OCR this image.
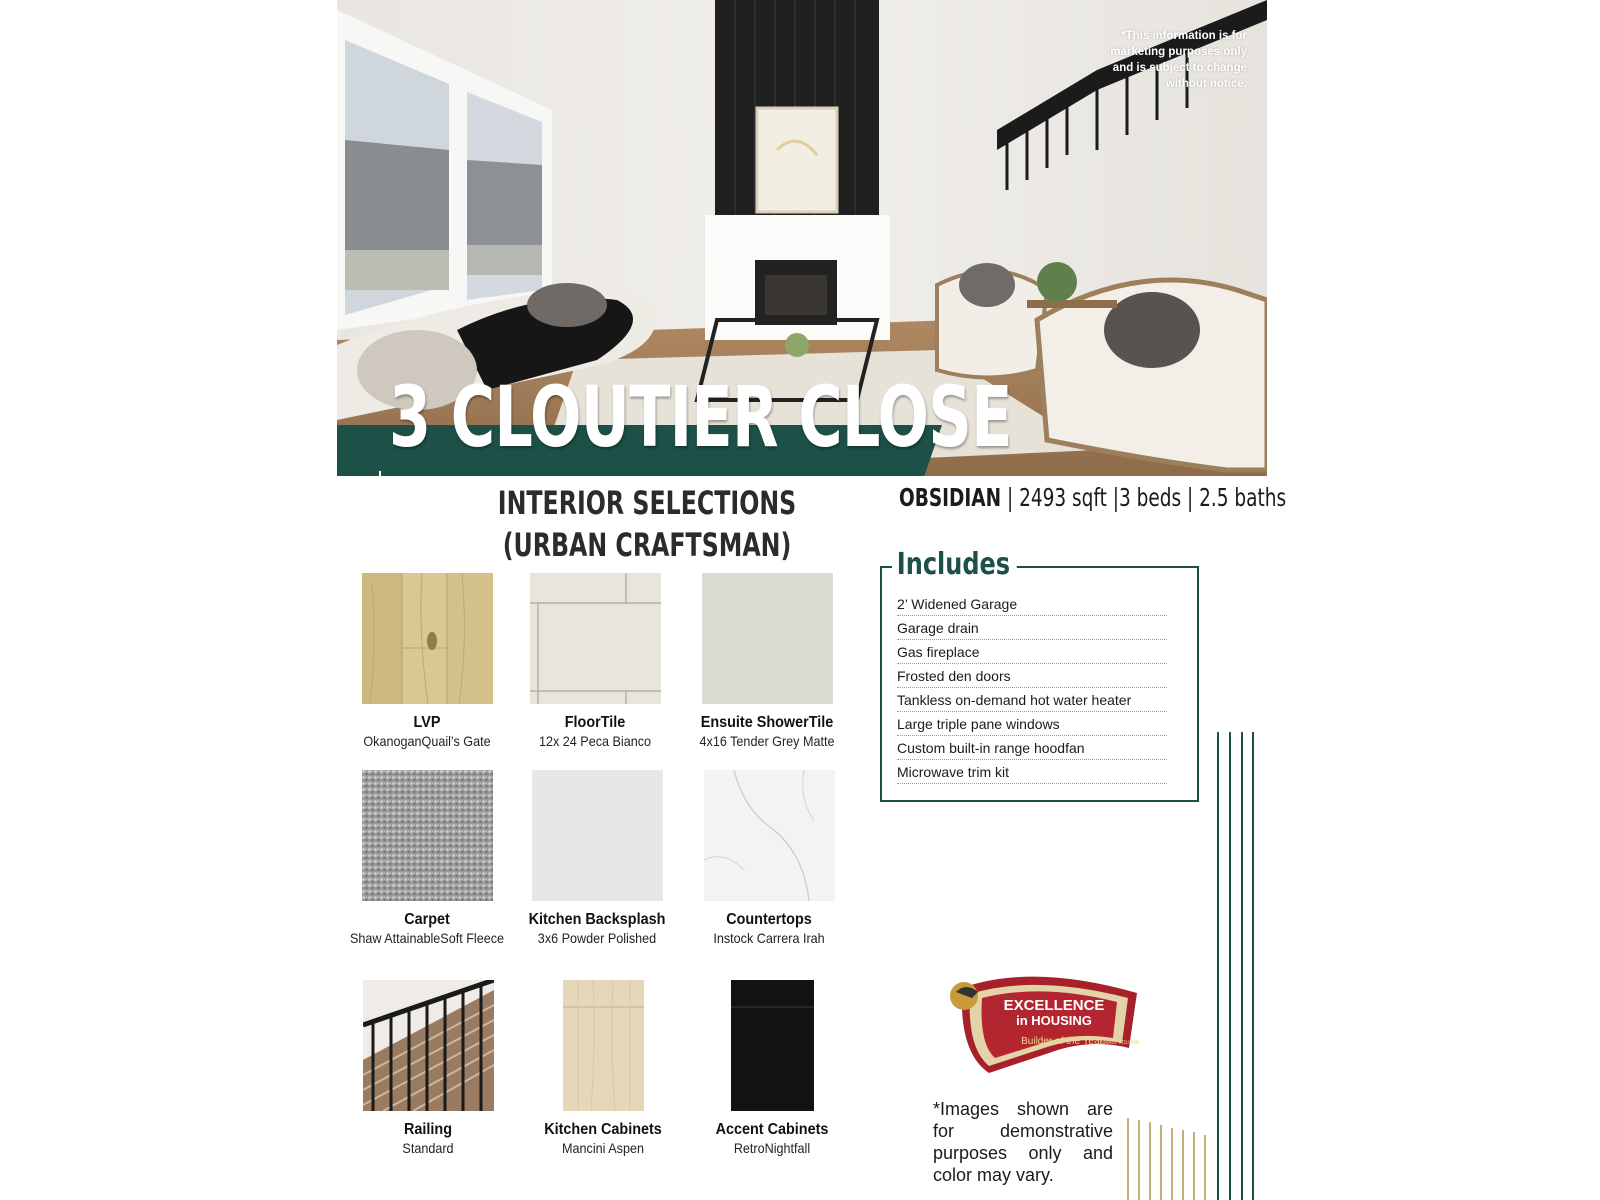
*This information is for marketing purposes only and is subject to change without notice.
3 CLOUTIER CLOSE
INTERIOR SELECTIONS
(URBAN CRAFTSMAN)
OBSIDIAN | 2493 sqft |3 beds | 2.5 baths
LVP
OkanoganQuail’s Gate
FloorTile
12x 24 Peca Bianco
Ensuite ShowerTile
4x16 Tender Grey Matte
Carpet
Shaw AttainableSoft Fleece
Kitchen Backsplash
3x6 Powder Polished
Countertops
Instock Carrera Irah
Railing
Standard
Kitchen Cabinets
Mancini Aspen
Accent Cabinets
RetroNightfall
Includes
2’ Widened Garage
Garage drain
Gas fireplace
Frosted den doors
Tankless on-demand hot water heater
Large triple pane windows
Custom built-in range hoodfan
Microwave trim kit
EXCELLENCE
in HOUSING
Builder of the Year
SMALL VOLUME
*Images shown are for demonstrative purposes only and color may vary.
